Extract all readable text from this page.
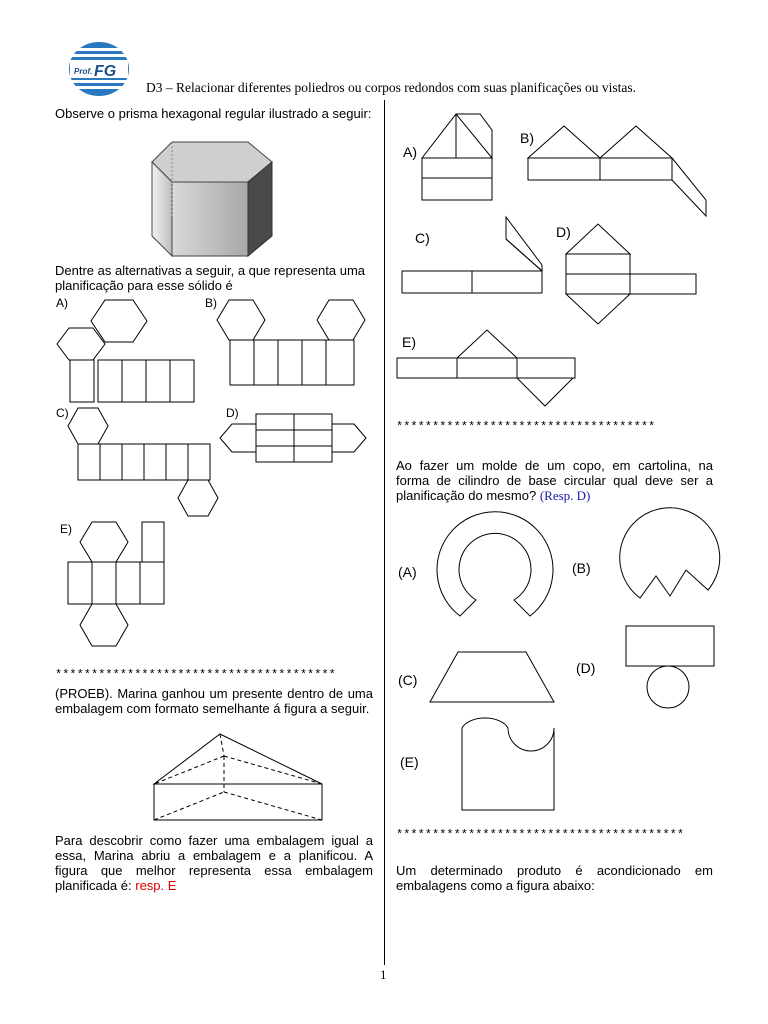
Prof. FG
D3 – Relacionar diferentes poliedros ou corpos redondos com suas planificações ou vistas.
Observe o prisma hexagonal regular ilustrado a seguir:
Dentre as alternativas a seguir, a que representa uma planificação para esse sólido é
A)	B)
C)	D)
E)
***************************************
(PROEB). Marina ganhou um presente dentro de uma embalagem com formato semelhante á figura a seguir.
Para descobrir como fazer uma embalagem igual a essa, Marina abriu a embalagem e a planificou. A figura que melhor representa essa embalagem planificada é: resp. E
A)
B)
C)	D)
E)
************************************
Ao fazer um molde de um copo, em cartolina, na forma de cilindro de base circular qual deve ser a planificação do mesmo? (Resp. D)
(A)	(B)
(C)
(D)
(E)
****************************************
Um determinado produto é acondicionado em embalagens como a figura abaixo:
1
